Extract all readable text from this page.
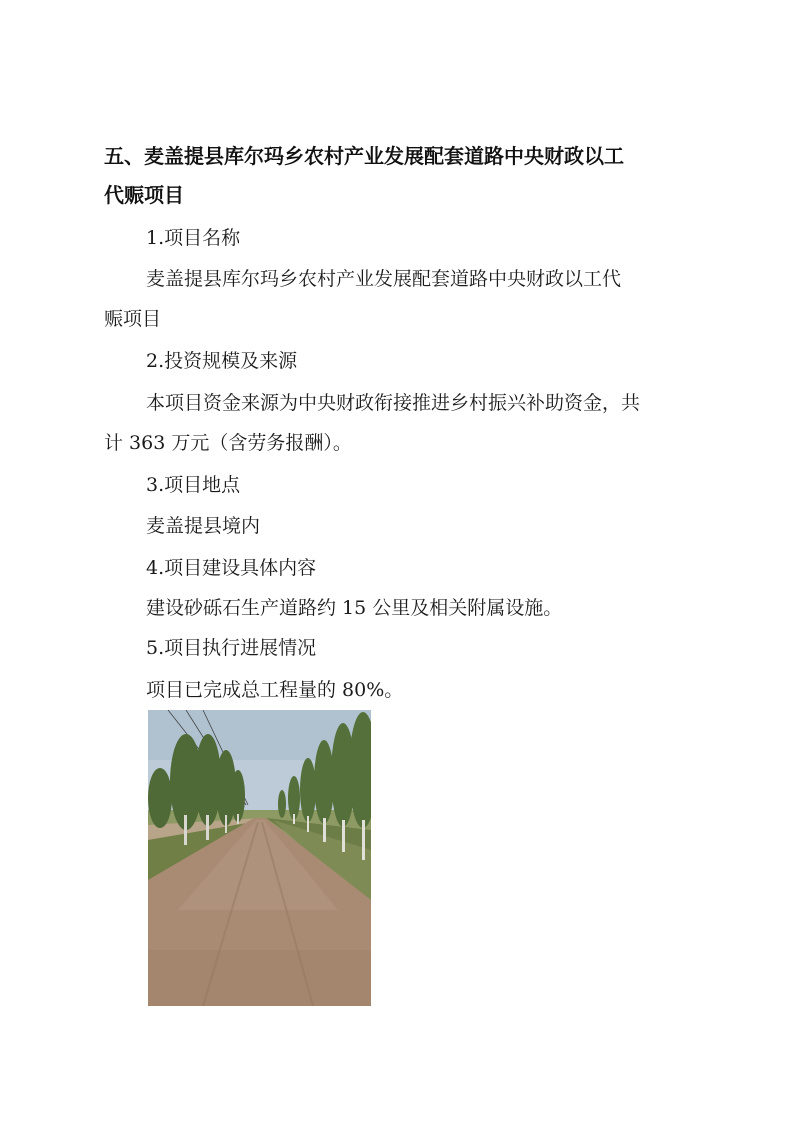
五、麦盖提县库尔玛乡农村产业发展配套道路中央财政以工
代赈项目
1.项目名称
麦盖提县库尔玛乡农村产业发展配套道路中央财政以工代
赈项目
2.投资规模及来源
本项目资金来源为中央财政衔接推进乡村振兴补助资金，共
计 363 万元（含劳务报酬）。
3.项目地点
麦盖提县境内
4.项目建设具体内容
建设砂砾石生产道路约 15 公里及相关附属设施。
5.项目执行进展情况
项目已完成总工程量的 80%。
